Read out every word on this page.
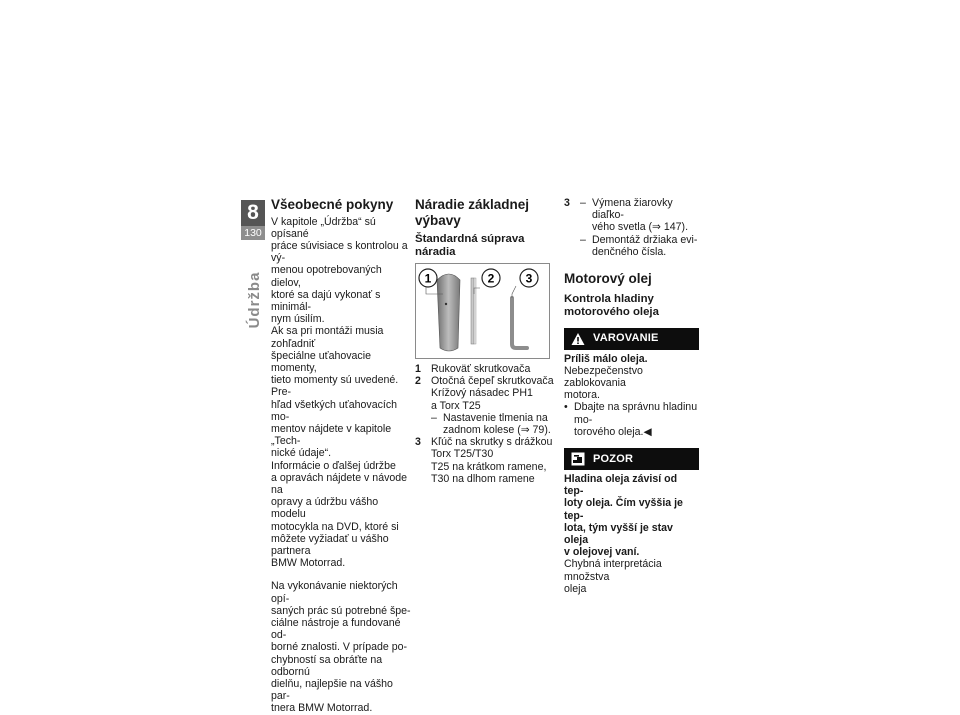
8
130
Údržba
Všeobecné pokyny

V kapitole „Údržba“ sú opísané
práce súvisiace s kontrolou a vý-
menou opotrebovaných dielov,
ktoré sa dajú vykonať s minimál-
nym úsilím.

Ak sa pri montáži musia zohľadniť
špeciálne uťahovacie momenty,
tieto momenty sú uvedené. Pre-
hľad všetkých uťahovacích mo-
mentov nájdete v kapitole „Tech-
nické údaje“.

Informácie o ďalšej údržbe
a opravách nájdete v návode na
opravy a údržbu vášho modelu
motocykla na DVD, ktoré si
môžete vyžiadať u vášho partnera
BMW Motorrad.

Na vykonávanie niektorých opí-
saných prác sú potrebné špe-
ciálne nástroje a fundované od-
borné znalosti. V prípade po-
chybností sa obráťte na odbornú
dielňu, najlepšie na vášho par-
tnera BMW Motorrad.

Náradie základnej
výbavy
Štandardná súprava
náradia
1	2	3
1 Rukoväť skrutkovača
2 Otočná čepeľ skrutkovača
Krížový násadec PH1
a Torx T25
– Nastavenie tlmenia na
zadnom kolese (⇒ 79).
3 Kľúč na skrutky s drážkou
Torx T25/T30
T25 na krátkom ramene,
T30 na dlhom ramene
3 – Výmena žiarovky diaľko-
vého svetla (⇒ 147).
– Demontáž držiaka evi-
denčného čísla.
Motorový olej
Kontrola hladiny
motorového oleja
VAROVANIE

Príliš málo oleja.

Nebezpečenstvo zablokovania
motora.

• Dbajte na správnu hladinu mo-
torového oleja.◀
POZOR

Hladina oleja závisí od tep-
loty oleja. Čím vyššia je tep-
lota, tým vyšší je stav oleja
v olejovej vaní.

Chybná interpretácia množstva
oleja
